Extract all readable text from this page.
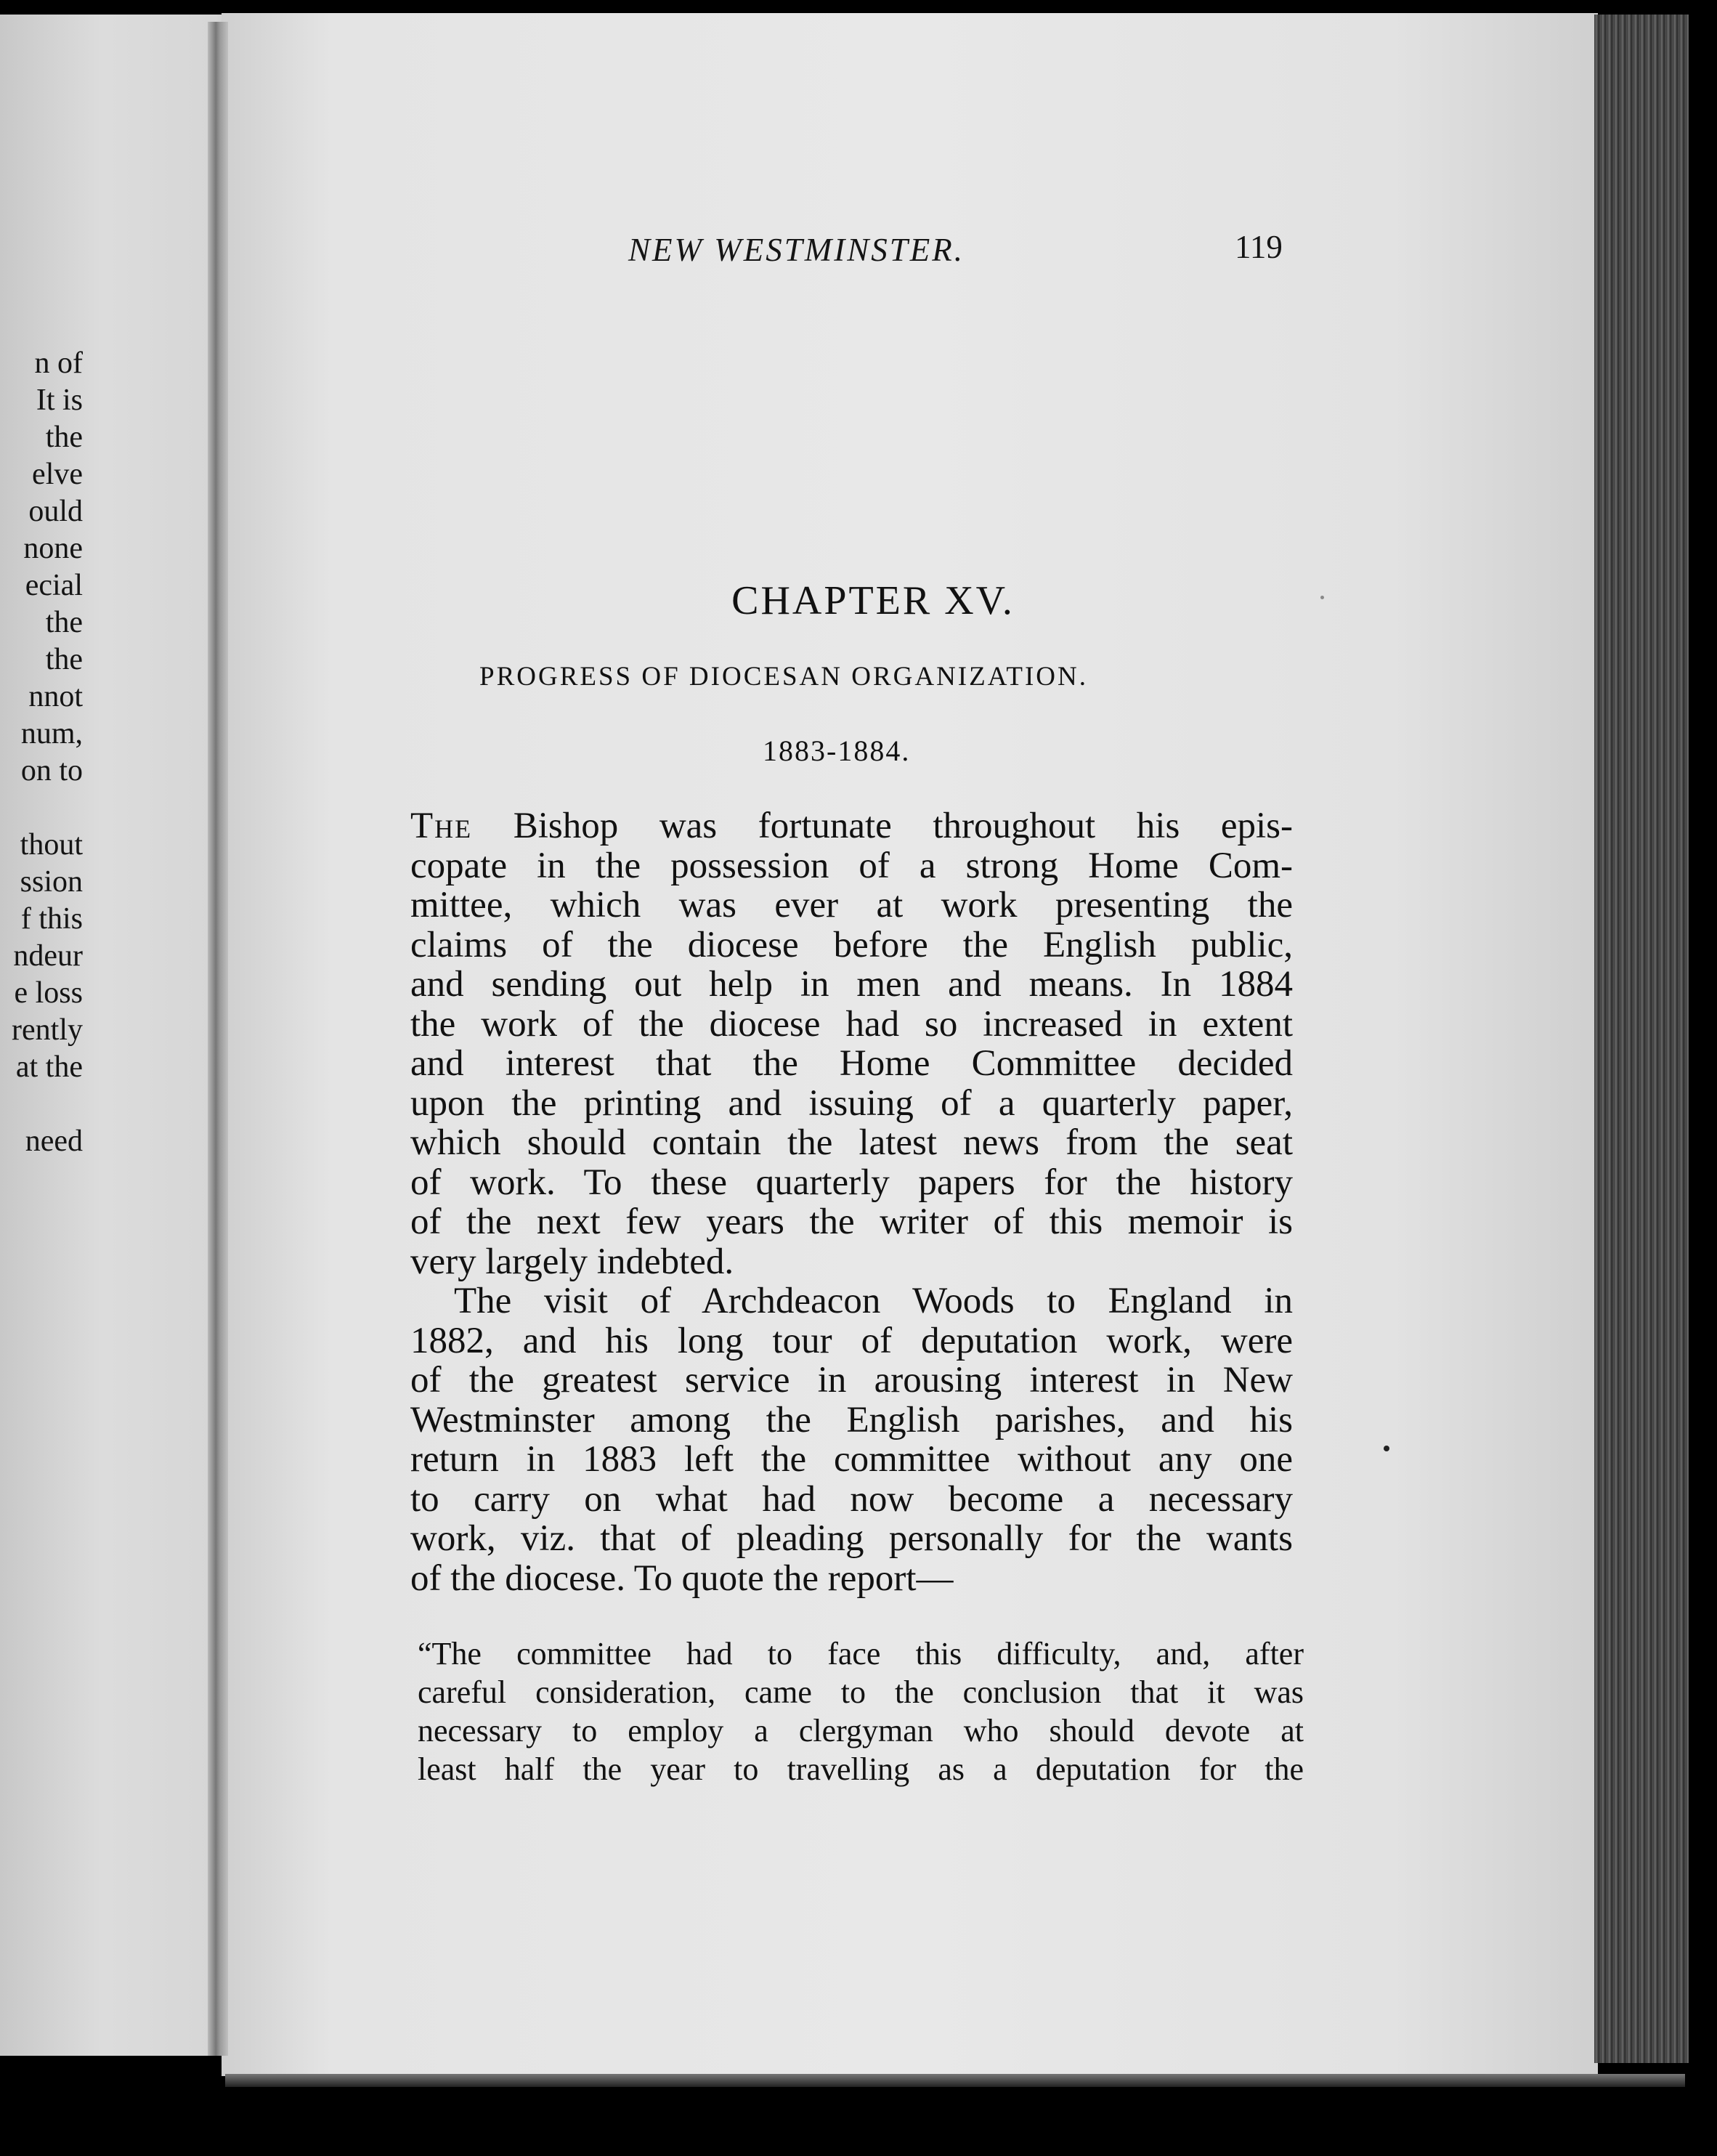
n of
It is
the
elve
ould
none
ecial
the
the
nnot
num,
on to
thout
ssion
f this
ndeur
e loss
rently
at the
need
NEW WESTMINSTER.	119
CHAPTER XV.
PROGRESS OF DIOCESAN ORGANIZATION.
1883-1884.
The Bishop was fortunate throughout his epis-
copate in the possession of a strong Home Com-
mittee, which was ever at work presenting the
claims of the diocese before the English public,
and sending out help in men and means. In 1884
the work of the diocese had so increased in extent
and interest that the Home Committee decided
upon the printing and issuing of a quarterly paper,
which should contain the latest news from the seat
of work. To these quarterly papers for the history
of the next few years the writer of this memoir is
very largely indebted.
The visit of Archdeacon Woods to England in
1882, and his long tour of deputation work, were
of the greatest service in arousing interest in New
Westminster among the English parishes, and his
return in 1883 left the committee without any one
to carry on what had now become a necessary
work, viz. that of pleading personally for the wants
of the diocese. To quote the report—
“The committee had to face this difficulty, and, after
careful consideration, came to the conclusion that it was
necessary to employ a clergyman who should devote at
least half the year to travelling as a deputation for the
